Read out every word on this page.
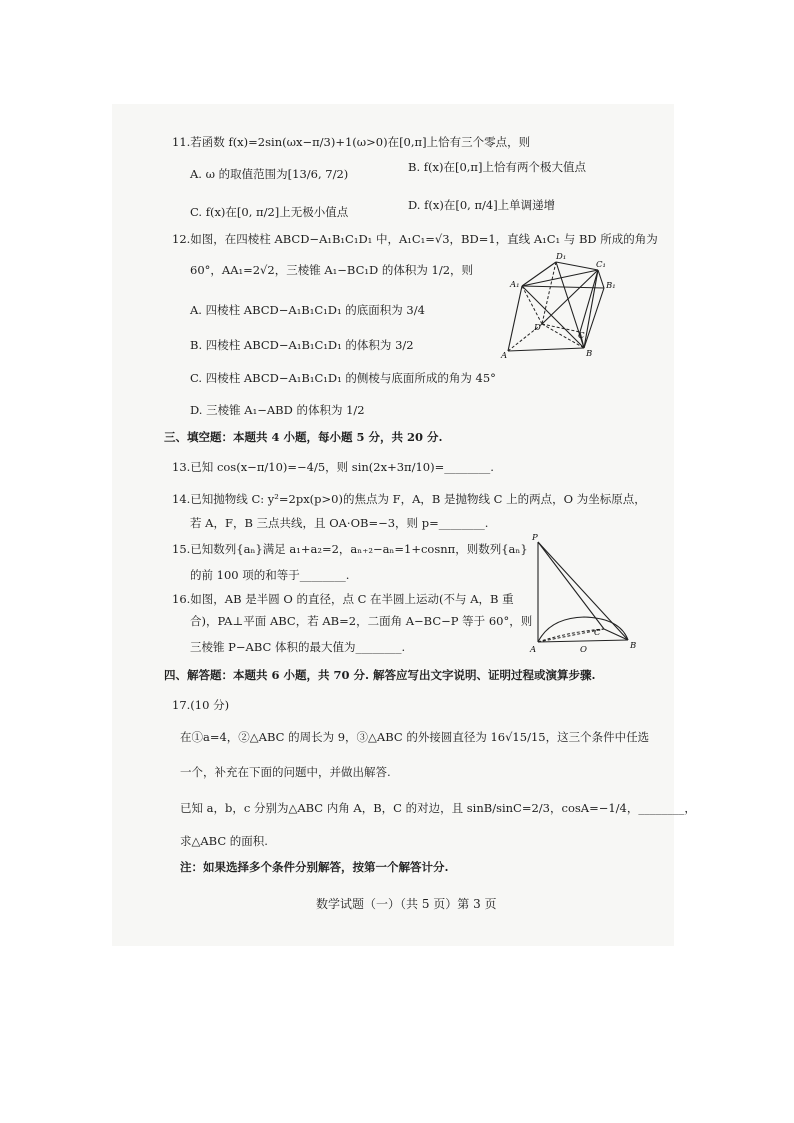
11.若函数 f(x)=2sin(ωx−π/3)+1(ω>0)在[0,π]上恰有三个零点，则
A. ω 的取值范围为[13/6, 7/2)	B. f(x)在[0,π]上恰有两个极大值点
C. f(x)在[0, π/2]上无极小值点	D. f(x)在[0, π/4]上单调递增
12.如图，在四棱柱 ABCD−A₁B₁C₁D₁ 中，A₁C₁=√3，BD=1，直线 A₁C₁ 与 BD 所成的角为
60°，AA₁=2√2，三棱锥 A₁−BC₁D 的体积为 1/2，则
A. 四棱柱 ABCD−A₁B₁C₁D₁ 的底面积为 3/4
B. 四棱柱 ABCD−A₁B₁C₁D₁ 的体积为 3/2
C. 四棱柱 ABCD−A₁B₁C₁D₁ 的侧棱与底面所成的角为 45°
D. 三棱锥 A₁−ABD 的体积为 1/2
D₁
C₁
A₁	B₁
D
C
A	B
三、填空题：本题共 4 小题，每小题 5 分，共 20 分.
13.已知 cos(x−π/10)=−4/5，则 sin(2x+3π/10)=________.
14.已知抛物线 C: y²=2px(p>0)的焦点为 F，A，B 是抛物线 C 上的两点，O 为坐标原点，
若 A，F，B 三点共线，且 OA·OB=−3，则 p=________.
15.已知数列{aₙ}满足 a₁+a₂=2，aₙ₊₂−aₙ=1+cosnπ，则数列{aₙ}
的前 100 项的和等于________.
16.如图，AB 是半圆 O 的直径，点 C 在半圆上运动(不与 A，B 重
合)，PA⊥平面 ABC，若 AB=2，二面角 A−BC−P 等于 60°，则
三棱锥 P−ABC 体积的最大值为________.
P
C
A	O	B
四、解答题：本题共 6 小题，共 70 分. 解答应写出文字说明、证明过程或演算步骤.
17.(10 分)
在①a=4，②△ABC 的周长为 9，③△ABC 的外接圆直径为 16√15/15，这三个条件中任选
一个，补充在下面的问题中，并做出解答.
已知 a，b，c 分别为△ABC 内角 A，B，C 的对边，且 sinB/sinC=2/3，cosA=−1/4，________，
求△ABC 的面积.
注：如果选择多个条件分别解答，按第一个解答计分.
数学试题（一）（共 5 页）第 3 页
